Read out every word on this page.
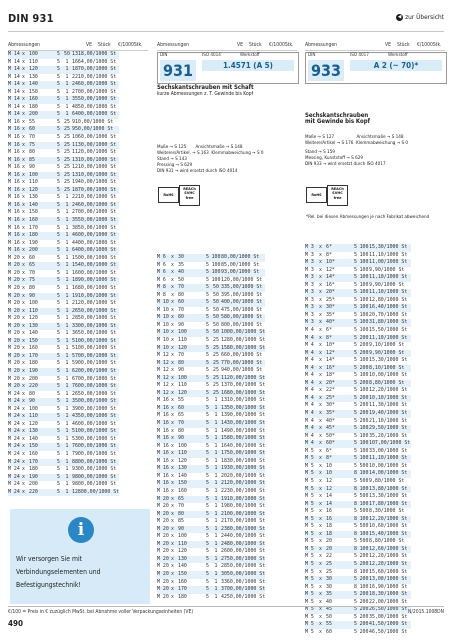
DIN 931	◀ zur Übersicht
Abmessungen	VE Stück €/1000Stk.
M 14	x	100	5	50	1318,00/1000 St
M 14	x	110	5	1	1664,00/1000 St
M 14	x	120	5	1	1870,00/1000 St
M 14	x	130	5	1	2210,00/1000 St
M 14	x	140	5	1	2460,00/1000 St
M 14	x	150	5	1	2700,00/1000 St
M 14	x	160	5	1	3550,00/1000 St
M 14	x	180	5	1	4850,00/1000 St
M 14	x	200	5	1	6400,00/1000 St
M 16	x	55	5	25	910,00/1000 St
M 16	x	60	5	25	950,00/1000 St
M 16	x	70	5	25	1060,00/1000 St
M 16	x	75	5	25	1130,00/1000 St
M 16	x	80	5	25	1120,00/1000 St
M 16	x	85	5	25	1310,00/1000 St
M 16	x	90	5	25	1210,00/1000 St
M 16	x	100	5	25	1310,00/1000 St
M 16	x	110	5	25	1940,00/1000 St
M 16	x	120	5	25	1870,00/1000 St
M 16	x	130	5	1	2210,00/1000 St
M 16	x	140	5	1	2460,00/1000 St
M 16	x	150	5	1	2700,00/1000 St
M 16	x	160	5	1	3550,00/1000 St
M 16	x	170	5	1	3850,00/1000 St
M 16	x	180	5	1	4600,00/1000 St
M 16	x	190	5	1	4400,00/1000 St
M 16	x	200	5	1	6400,00/1000 St
M 20	x	60	5	1	1500,00/1000 St
M 20	x	65	5	1	1540,00/1000 St
M 20	x	70	5	1	1600,00/1000 St
M 20	x	75	5	1	1890,00/1000 St
M 20	x	80	5	1	1680,00/1000 St
M 20	x	90	5	1	1910,00/1000 St
M 20	x	100	5	1	2120,00/1000 St
M 20	x	110	5	1	2650,00/1000 St
M 20	x	120	5	1	2850,00/1000 St
M 20	x	130	5	1	3300,00/1000 St
M 20	x	140	5	1	3650,00/1000 St
M 20	x	150	5	1	5100,00/1000 St
M 20	x	160	5	1	5100,00/1000 St
M 20	x	170	5	1	5700,00/1000 St
M 20	x	180	5	1	5900,00/1000 St
M 20	x	190	5	1	6200,00/1000 St
M 20	x	200	5	1	6700,00/1000 St
M 20	x	220	5	1	7600,00/1000 St
M 24	x	80	5	1	2650,00/1000 St
M 24	x	90	5	1	3500,00/1000 St
M 24	x	100	5	1	3900,00/1000 St
M 24	x	110	5	1	4350,00/1000 St
M 24	x	120	5	1	4600,00/1000 St
M 24	x	130	5	1	5100,00/1000 St
M 24	x	140	5	1	5300,00/1000 St
M 24	x	150	5	1	7600,00/1000 St
M 24	x	160	5	1	7900,00/1000 St
M 24	x	170	5	1	8800,00/1000 St
M 24	x	180	5	1	9300,00/1000 St
M 24	x	190	5	1	9800,00/1000 St
M 24	x	200	5	1	9800,00/1000 St
M 24	x	220	5	1	12800,00/1000 St
Abmessungen	VE Stück €/1000Stk.
DIN	ISO 4014	Werkstoff
931	1.4571 (A 5)
Sechskantschrauben mit Schaft
kurze Abmessungen z. T. Gewinde bis Kopf
Muße → S 125 Ansichtsmaße → S 148
Weiteres/Artikel. → S 163 Klemmabweichung → S 0
Stand → S 143
Pressing → S 629
DIN 931 → wird ersetzt durch ISO 4014
RoHS
REACh SVHC free
M 6	x	30	5	100	80,00/1000 St
M 6	x	35	5	100	85,00/1000 St
M 6	x	40	5	100	93,00/1000 St
M 6	x	50	5	100	120,00/1000 St
M 8	x	70	5	50	335,00/1000 St
M 8	x	80	5	50	395,00/1000 St
M 10	x	60	5	50	400,00/1000 St
M 10	x	70	5	50	475,00/1000 St
M 10	x	80	5	50	580,00/1000 St
M 10	x	90	5	50	800,00/1000 St
M 10	x	100	5	50	1000,00/1000 St
M 10	x	110	5	25	1280,00/1000 St
M 10	x	120	5	25	1580,00/1000 St
M 12	x	70	5	25	660,00/1000 St
M 12	x	80	5	25	770,00/1000 St
M 12	x	90	5	25	940,00/1000 St
M 12	x	100	5	25	1120,00/1000 St
M 12	x	110	5	25	1370,00/1000 St
M 12	x	120	5	25	1680,00/1000 St
M 16	x	55	5	1	1310,00/1000 St
M 16	x	60	5	1	1350,00/1000 St
M 16	x	65	5	1	1390,00/1000 St
M 16	x	70	5	1	1430,00/1000 St
M 16	x	80	5	1	1490,00/1000 St
M 16	x	90	5	1	1580,00/1000 St
M 16	x	100	5	1	1640,00/1000 St
M 16	x	110	5	1	1750,00/1000 St
M 16	x	120	5	1	1830,00/1000 St
M 16	x	130	5	1	1930,00/1000 St
M 16	x	140	5	1	2020,00/1000 St
M 16	x	150	5	1	2120,00/1000 St
M 16	x	160	5	1	2230,00/1000 St
M 20	x	65	5	1	1910,00/1000 St
M 20	x	70	5	1	1980,00/1000 St
M 20	x	80	5	1	2100,00/1000 St
M 20	x	85	5	1	2170,00/1000 St
M 20	x	90	5	1	2380,00/1000 St
M 20	x	100	5	1	2440,00/1000 St
M 20	x	110	5	1	2480,00/1000 St
M 20	x	120	5	1	2600,00/1000 St
M 20	x	130	5	1	2750,00/1000 St
M 20	x	140	5	1	2850,00/1000 St
M 20	x	150	5	1	3050,00/1000 St
M 20	x	160	5	1	3360,00/1000 St
M 20	x	170	5	1	3700,00/1000 St
M 20	x	180	5	1	4250,00/1000 St
Abmessungen	VE Stück €/1000Stk.
DIN	ISO 4017	Werkstoff
933	A 2 (~ 70)*
Sechskantschrauben
mit Gewinde bis Kopf
Maße → S 127	Ansichtsmaße → S 148
Weitere/Artikel → S 176 Klemmabweichung → S 0
Stand → S 159
Messing, Kunststoff → S 629
DIN 933 → wird ersetzt durch ISO 4017
RoHS
REACh SVHC free
*Rel. bei diesen Abmessungen je nach Fabrikat abweichend
M 3	x	6*	5	100	15,30/1000 St
M 3	x	8*	5	100	11,10/1000 St
M 3	x	10*	5	100	11,00/1000 St
M 3	x	12*	5	100	9,90/1000 St
M 3	x	14*	5	100	11,10/1000 St
M 3	x	16*	5	100	9,90/1000 St
M 3	x	20*	5	100	11,10/1000 St
M 3	x	25*	5	100	12,80/1000 St
M 3	x	30*	5	100	16,40/1000 St
M 3	x	35*	5	100	20,70/1000 St
M 3	x	40*	5	100	31,80/1000 St
M 4	x	6*	5	100	15,50/1000 St
M 4	x	8*	5	200	11,10/1000 St
M 4	x	10*	5	200	9,10/1000 St
M 4	x	12*	5	200	9,90/1000 St
M 4	x	14*	5	100	15,30/1000 St
M 4	x	16*	5	200	8,10/1000 St
M 4	x	18*	5	100	10,00/1000 St
M 4	x	20*	5	200	8,80/1000 St
M 4	x	22*	5	100	12,20/1000 St
M 4	x	25*	5	200	10,10/1000 St
M 4	x	30*	5	200	11,30/1000 St
M 4	x	35*	5	200	19,40/1000 St
M 4	x	40*	5	200	21,10/1000 St
M 4	x	45*	5	100	29,50/1000 St
M 4	x	50*	5	100	35,20/1000 St
M 4	x	60*	5	100	107,00/1000 St
M 5	x	6*	5	100	33,00/1000 St
M 5	x	8*	5	100	11,10/1000 St
M 5	x	10	5	500	10,00/1000 St
M 5	x	10	8	100	14,00/1000 St
M 5	x	12	5	500	9,80/1000 St
M 5	x	12	8	100	13,80/1000 St
M 5	x	14	5	500	13,30/1000 St
M 5	x	14	8	100	17,80/1000 St
M 5	x	16	5	500	8,30/1000 St
M 5	x	16	8	100	12,20/1000 St
M 5	x	18	5	500	10,60/1000 St
M 5	x	18	8	100	15,40/1000 St
M 5	x	20	5	500	8,80/1000 St
M 5	x	20	8	100	12,60/1000 St
M 5	x	22	5	200	12,20/1000 St
M 5	x	25	5	200	12,20/1000 St
M 5	x	25	8	100	15,60/1000 St
M 5	x	30	5	200	13,00/1000 St
M 5	x	30	8	100	16,90/1000 St
M 5	x	35	5	200	18,30/1000 St
M 5	x	40	5	200	22,00/1000 St
M 5	x	45	5	200	26,50/1000 St
M 5	x	50	5	200	35,00/1000 St
M 5	x	55	5	200	41,50/1000 St
M 5	x	60	5	200	46,50/1000 St
i
Wir versorgen Sie mit Verbindungselementen und Befestigungstechnik!
€/100 = Preis in € zuzüglich MwSt. bei Abnahme voller Verpackungseinheiten (VE)	N/2015.1008DN
490
